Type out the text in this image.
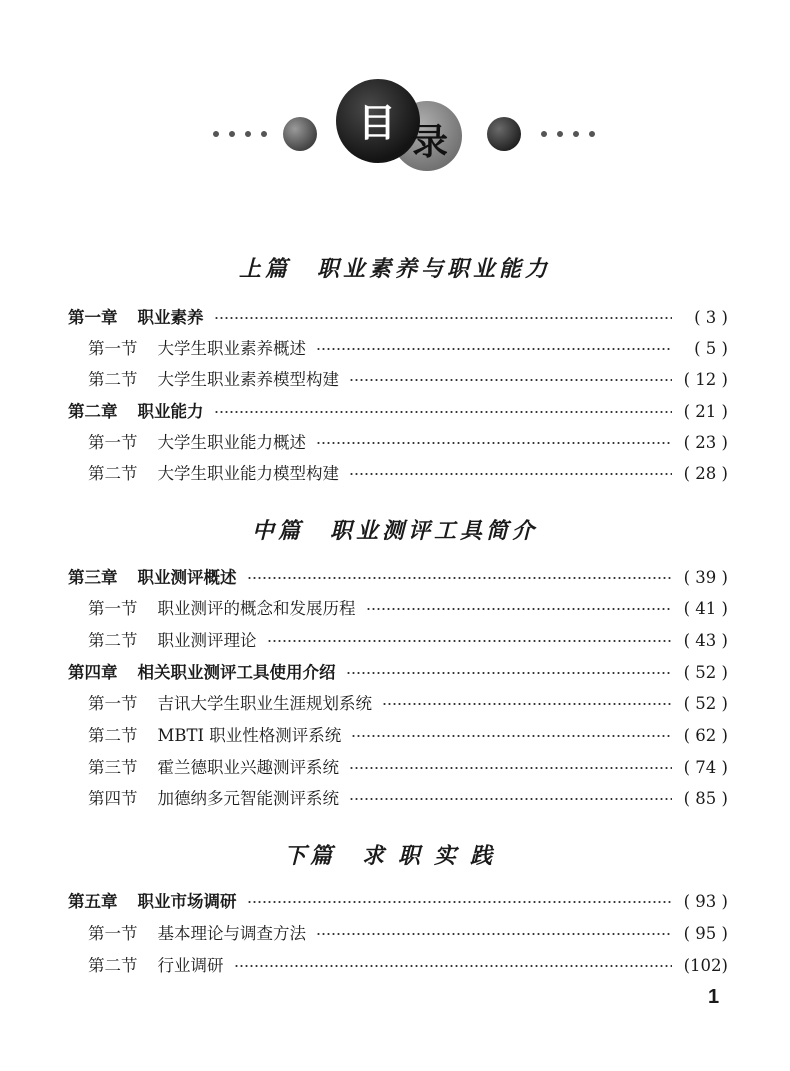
目 录
上篇 职业素养与职业能力
第一章 职业素养	( 3 )
第一节 大学生职业素养概述	( 5 )
第二节 大学生职业素养模型构建	( 12 )
第二章 职业能力	( 21 )
第一节 大学生职业能力概述	( 23 )
第二节 大学生职业能力模型构建	( 28 )
中篇 职业测评工具简介
第三章 职业测评概述	( 39 )
第一节 职业测评的概念和发展历程	( 41 )
第二节 职业测评理论	( 43 )
第四章 相关职业测评工具使用介绍	( 52 )
第一节 吉讯大学生职业生涯规划系统	( 52 )
第二节 MBTI 职业性格测评系统	( 62 )
第三节 霍兰德职业兴趣测评系统	( 74 )
第四节 加德纳多元智能测评系统	( 85 )
下篇 求职实践
第五章 职业市场调研	( 93 )
第一节 基本理论与调查方法	( 95 )
第二节 行业调研	(102)
1
